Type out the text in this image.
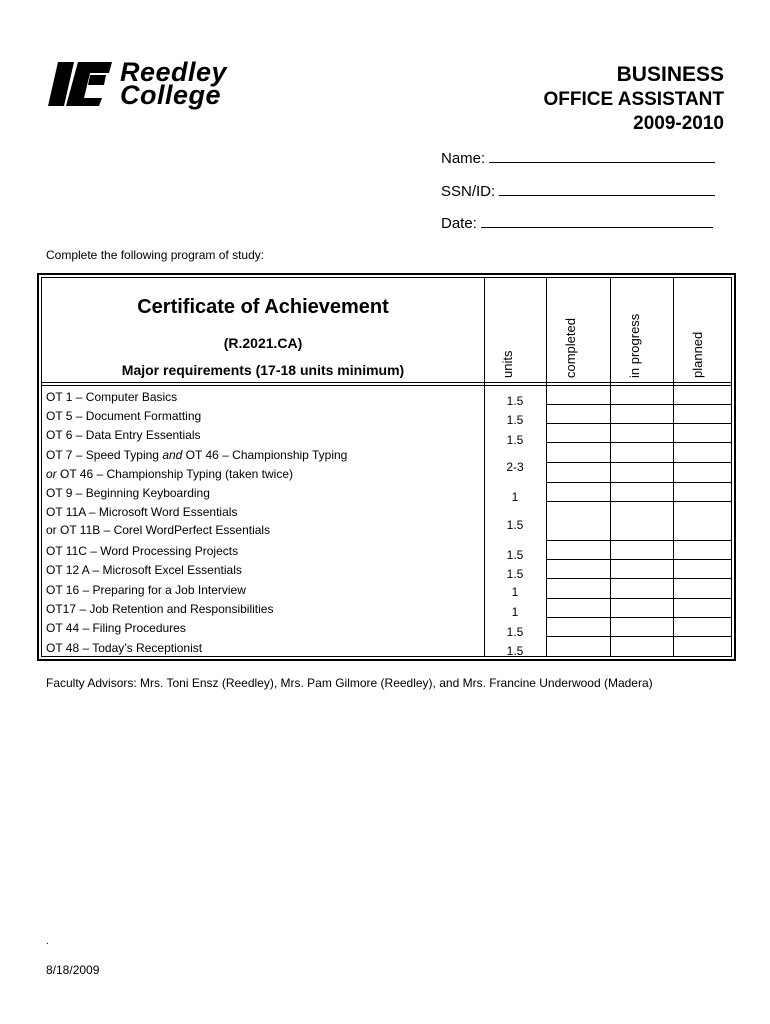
Reedley
College
BUSINESS
OFFICE ASSISTANT
2009-2010
Name:
SSN/ID:
Date:
Complete the following program of study:
Certificate of Achievement
(R.2021.CA)
Major requirements (17-18 units minimum)	units	completed	in progress	planned
OT 1 – Computer Basics	1.5
OT 5 – Document Formatting	1.5
OT 6 – Data Entry Essentials	1.5
OT 7 – Speed Typing and OT 46 – Championship Typing
or OT 46 – Championship Typing (taken twice)	2-3
OT 9 – Beginning Keyboarding	1
OT 11A – Microsoft Word Essentials
or OT 11B – Corel WordPerfect Essentials	1.5
OT 11C – Word Processing Projects	1.5
OT 12 A – Microsoft Excel Essentials	1.5
OT 16 – Preparing for a Job Interview	1
OT17 – Job Retention and Responsibilities	1
OT 44 – Filing Procedures	1.5
OT 48 – Today’s Receptionist	1.5
Faculty Advisors: Mrs. Toni Ensz (Reedley), Mrs. Pam Gilmore (Reedley), and Mrs. Francine Underwood (Madera)
.
8/18/2009
